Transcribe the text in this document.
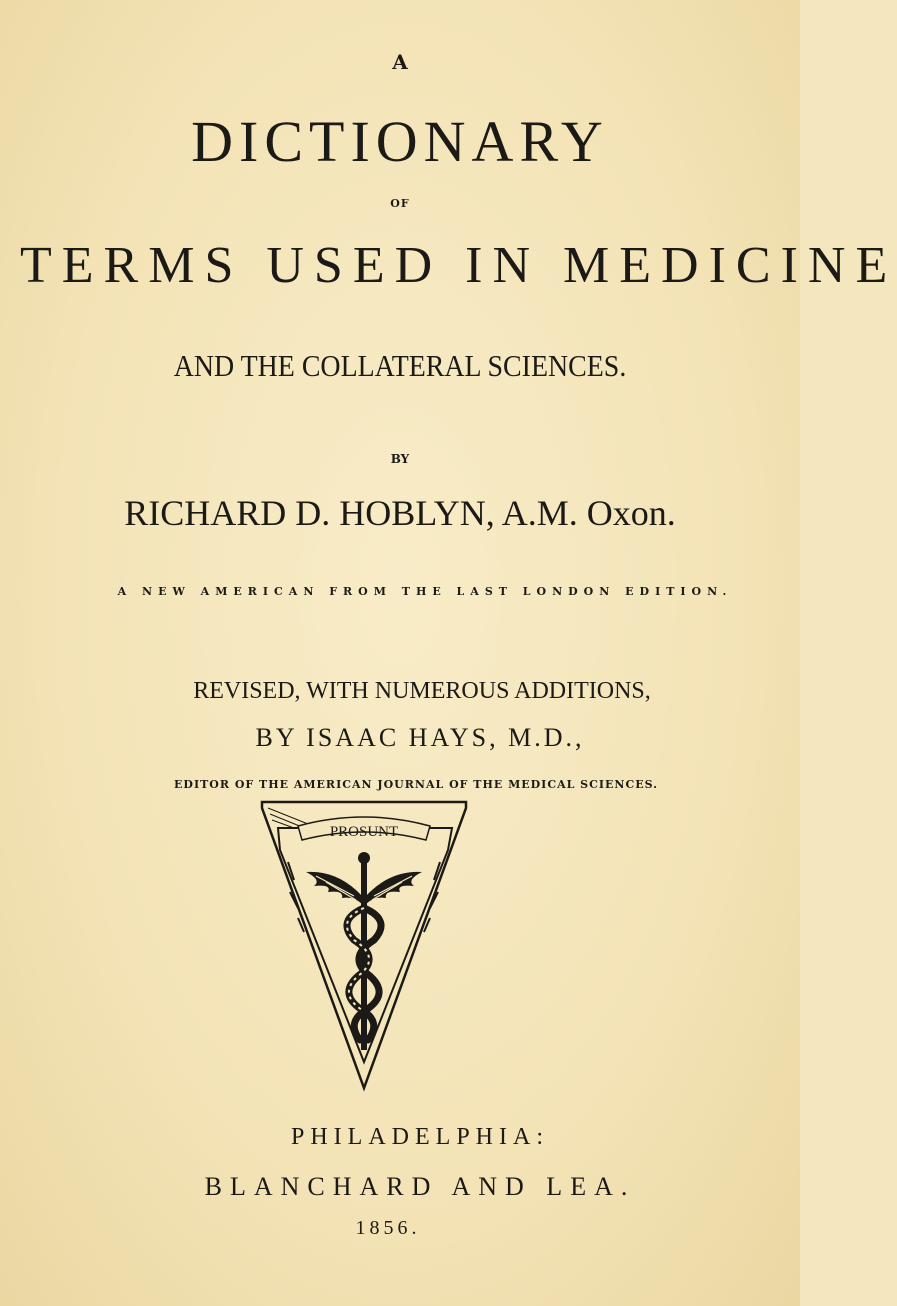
A
DICTIONARY
OF
TERMS USED IN MEDICINE
AND THE COLLATERAL SCIENCES.
BY
RICHARD D. HOBLYN, A.M. Oxon.
A NEW AMERICAN FROM THE LAST LONDON EDITION.
REVISED, WITH NUMEROUS ADDITIONS,
BY ISAAC HAYS, M.D.,
EDITOR OF THE AMERICAN JOURNAL OF THE MEDICAL SCIENCES.
PROSUNT
PHILADELPHIA:
BLANCHARD AND LEA.
1856.
